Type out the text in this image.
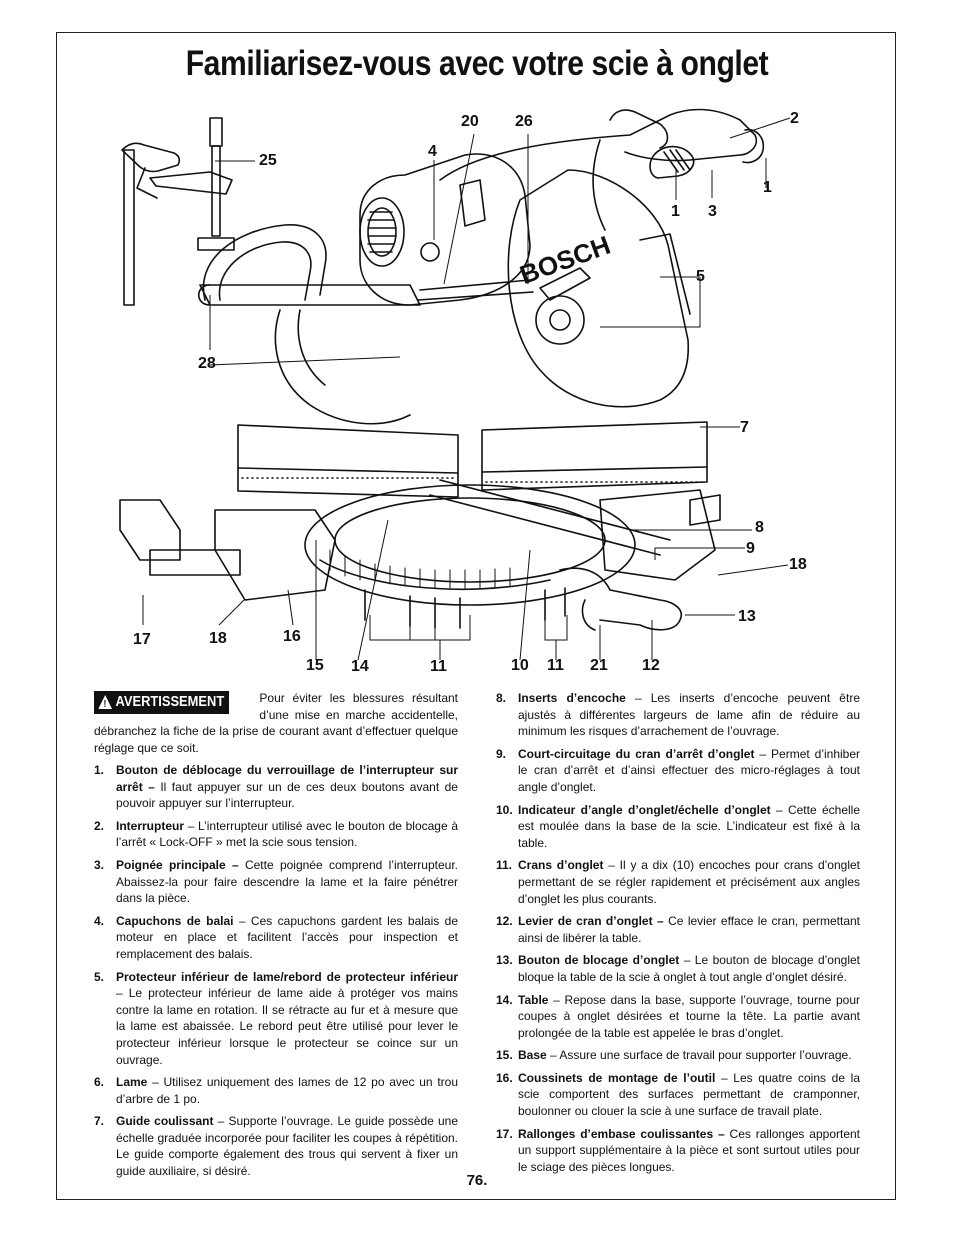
Familiarisez-vous avec votre scie à onglet
BOSCH
2
20 26
4
25
1 3
1
5
28
7
8
9
18
13
17	18	16
15 14	11	10 11 21 12
! AVERTISSEMENT	Pour éviter les blessures résultant d’une mise en marche accidentelle, débranchez la fiche de la prise de courant avant d’effectuer quelque réglage que ce soit.
1. Bouton de déblocage du verrouillage de l’interrupteur sur arrêt – Il faut appuyer sur un de ces deux boutons avant de pouvoir appuyer sur l’interrupteur.
2. Interrupteur – L’interrupteur utilisé avec le bouton de blocage à l’arrêt « Lock-OFF » met la scie sous tension.
3. Poignée principale – Cette poignée comprend l’interrupteur. Abaissez-la pour faire descendre la lame et la faire pénétrer dans la pièce.
4. Capuchons de balai – Ces capuchons gardent les balais de moteur en place et facilitent l’accès pour inspection et remplacement des balais.
5. Protecteur inférieur de lame/rebord de protecteur inférieur – Le protecteur inférieur de lame aide à protéger vos mains contre la lame en rotation. Il se rétracte au fur et à mesure que la lame est abaissée. Le rebord peut être utilisé pour lever le protecteur inférieur lorsque le protecteur se coince sur un ouvrage.
6. Lame – Utilisez uniquement des lames de 12 po avec un trou d’arbre de 1 po.
7. Guide coulissant – Supporte l’ouvrage. Le guide possède une échelle graduée incorporée pour faciliter les coupes à répétition. Le guide comporte également des trous qui servent à fixer un guide auxiliaire, si désiré.
8. Inserts d’encoche – Les inserts d’encoche peuvent être ajustés à différentes largeurs de lame afin de réduire au minimum les risques d’arrachement de l’ouvrage.
9. Court-circuitage du cran d’arrêt d’onglet – Permet d’inhiber le cran d’arrêt et d’ainsi effectuer des micro-réglages à tout angle d’onglet.
10. Indicateur d’angle d’onglet/échelle d’onglet – Cette échelle est moulée dans la base de la scie. L’indicateur est fixé à la table.
11. Crans d’onglet – Il y a dix (10) encoches pour crans d’onglet permettant de se régler rapidement et précisément aux angles d’onglet les plus courants.
12. Levier de cran d’onglet – Ce levier efface le cran, permettant ainsi de libérer la table.
13. Bouton de blocage d’onglet – Le bouton de blocage d’onglet bloque la table de la scie à onglet à tout angle d’onglet désiré.
14. Table – Repose dans la base, supporte l’ouvrage, tourne pour coupes à onglet désirées et tourne la tête. La partie avant prolongée de la table est appelée le bras d’onglet.
15. Base – Assure une surface de travail pour supporter l’ouvrage.
16. Coussinets de montage de l’outil – Les quatre coins de la scie comportent des surfaces permettant de cramponner, boulonner ou clouer la scie à une surface de travail plate.
17. Rallonges d’embase coulissantes – Ces rallonges apportent un support supplémentaire à la pièce et sont surtout utiles pour le sciage des pièces longues.
76.
